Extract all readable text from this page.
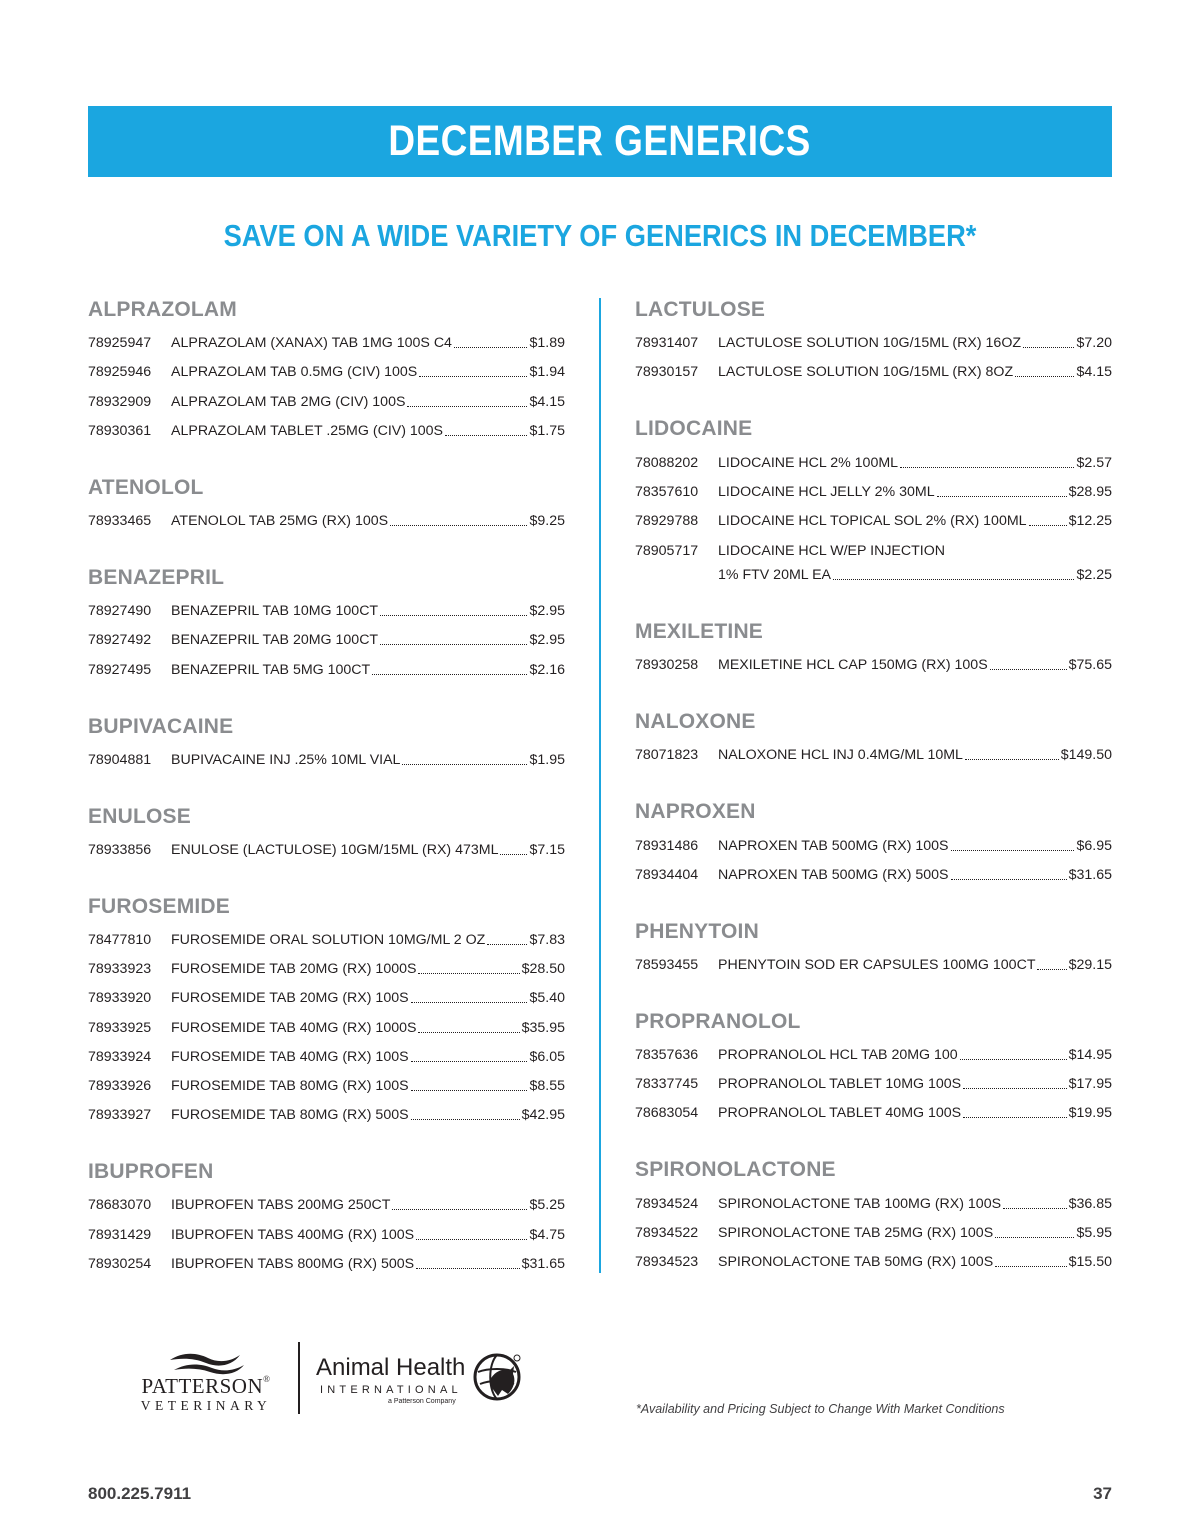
DECEMBER GENERICS
SAVE ON A WIDE VARIETY OF GENERICS IN DECEMBER*
ALPRAZOLAM
78925947	ALPRAZOLAM (XANAX) TAB 1MG 100S C4	$1.89
78925946	ALPRAZOLAM TAB 0.5MG (CIV) 100S	$1.94
78932909	ALPRAZOLAM TAB 2MG (CIV) 100S	$4.15
78930361	ALPRAZOLAM TABLET .25MG (CIV) 100S	$1.75
ATENOLOL
78933465	ATENOLOL TAB 25MG (RX) 100S	$9.25
BENAZEPRIL
78927490	BENAZEPRIL TAB 10MG 100CT	$2.95
78927492	BENAZEPRIL TAB 20MG 100CT	$2.95
78927495	BENAZEPRIL TAB 5MG 100CT	$2.16
BUPIVACAINE
78904881	BUPIVACAINE INJ .25% 10ML VIAL	$1.95
ENULOSE
78933856	ENULOSE (LACTULOSE) 10GM/15ML (RX) 473ML $7.15
FUROSEMIDE
78477810	FUROSEMIDE ORAL SOLUTION 10MG/ML 2 OZ	$7.83
78933923	FUROSEMIDE TAB 20MG (RX) 1000S	$28.50
78933920	FUROSEMIDE TAB 20MG (RX) 100S	$5.40
78933925	FUROSEMIDE TAB 40MG (RX) 1000S	$35.95
78933924	FUROSEMIDE TAB 40MG (RX) 100S	$6.05
78933926	FUROSEMIDE TAB 80MG (RX) 100S	$8.55
78933927	FUROSEMIDE TAB 80MG (RX) 500S	$42.95
IBUPROFEN
78683070	IBUPROFEN TABS 200MG 250CT	$5.25
78931429	IBUPROFEN TABS 400MG (RX) 100S	$4.75
78930254	IBUPROFEN TABS 800MG (RX) 500S	$31.65
LACTULOSE
78931407	LACTULOSE SOLUTION 10G/15ML (RX) 16OZ	$7.20
78930157	LACTULOSE SOLUTION 10G/15ML (RX) 8OZ	$4.15
LIDOCAINE
78088202	LIDOCAINE HCL 2% 100ML	$2.57
78357610	LIDOCAINE HCL JELLY 2% 30ML	$28.95
78929788	LIDOCAINE HCL TOPICAL SOL 2% (RX) 100ML	$12.25
78905717	LIDOCAINE HCL W/EP INJECTION
1% FTV 20ML EA	$2.25
MEXILETINE
78930258	MEXILETINE HCL CAP 150MG (RX) 100S	$75.65
NALOXONE
78071823	NALOXONE HCL INJ 0.4MG/ML 10ML	$149.50
NAPROXEN
78931486	NAPROXEN TAB 500MG (RX) 100S	$6.95
78934404	NAPROXEN TAB 500MG (RX) 500S	$31.65
PHENYTOIN
78593455	PHENYTOIN SOD ER CAPSULES 100MG 100CT $29.15
PROPRANOLOL
78357636	PROPRANOLOL HCL TAB 20MG 100	$14.95
78337745	PROPRANOLOL TABLET 10MG 100S	$17.95
78683054	PROPRANOLOL TABLET 40MG 100S	$19.95
SPIRONOLACTONE
78934524	SPIRONOLACTONE TAB 100MG (RX) 100S	$36.85
78934522	SPIRONOLACTONE TAB 25MG (RX) 100S	$5.95
78934523	SPIRONOLACTONE TAB 50MG (RX) 100S	$15.50
PATTERSON®
VETERINARY
Animal Health
INTERNATIONAL
a Patterson Company
*Availability and Pricing Subject to Change With Market Conditions
800.225.7911	37
